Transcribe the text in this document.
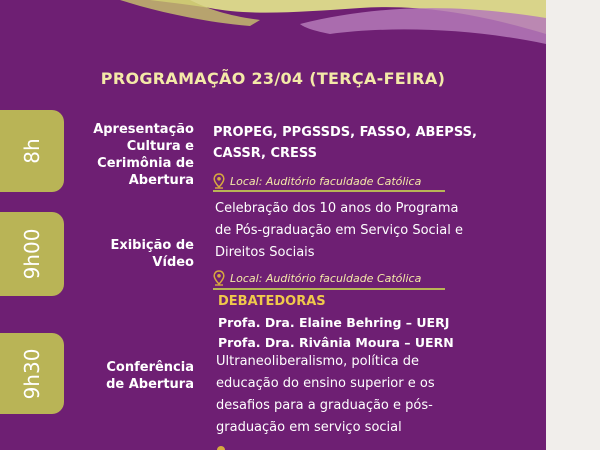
PROGRAMAÇÃO 23/04 (TERÇA-FEIRA)
8h
Apresentação
Cultura e
Cerimônia de
Abertura
PROPEG, PPGSSDS, FASSO, ABEPSS,
CASSR, CRESS
Local: Auditório faculdade Católica
9h00	Exibição de
Vídeo
Celebração dos 10 anos do Programa
de Pós-graduação em Serviço Social e
Direitos Sociais
Local: Auditório faculdade Católica
9h30	Conferência
de Abertura
DEBATEDORAS
Profa. Dra. Elaine Behring – UERJ
Profa. Dra. Rivânia Moura – UERN
Ultraneoliberalismo, política de
educação do ensino superior e os
desafios para a graduação e pós-
graduação em serviço social
